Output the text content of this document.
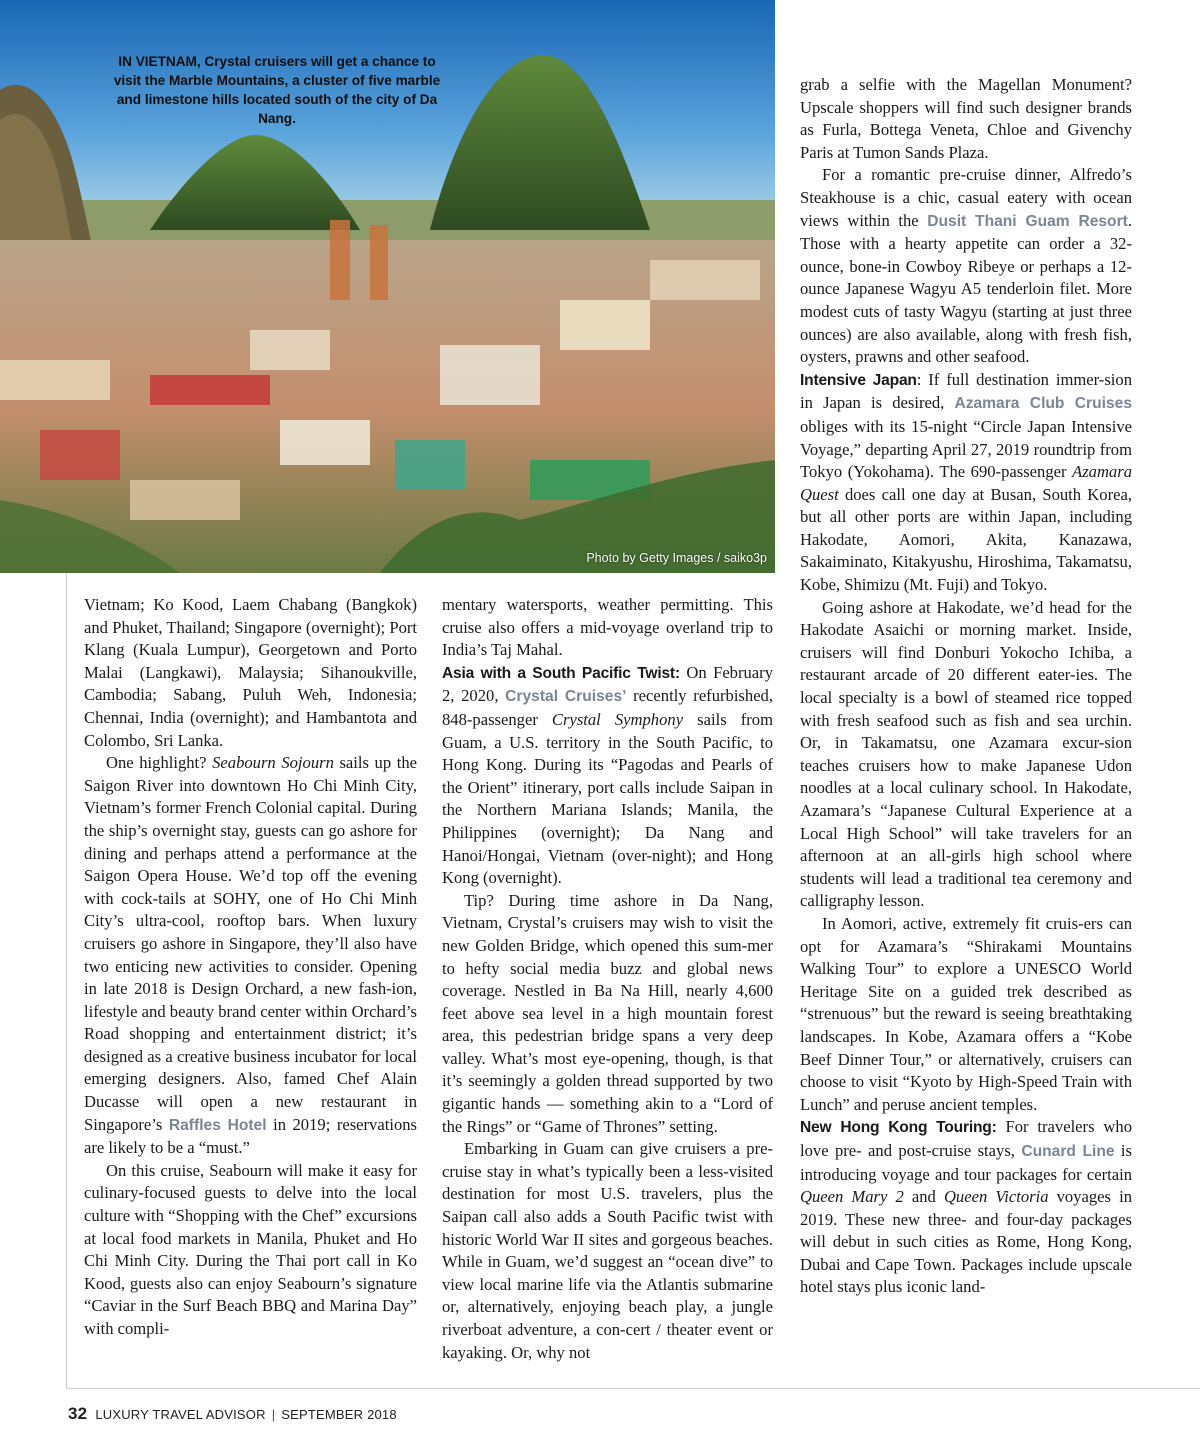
IN VIETNAM, Crystal cruisers will get a chance to visit the Marble Mountains, a cluster of five marble and limestone hills located south of the city of Da Nang.
Photo by Getty Images / saiko3p

Vietnam; Ko Kood, Laem Chabang (Bangkok) and Phuket, Thailand; Singapore (overnight); Port Klang (Kuala Lumpur), Georgetown and Porto Malai (Langkawi), Malaysia; Sihanoukville, Cambodia; Sabang, Puluh Weh, Indonesia; Chennai, India (overnight); and Hambantota and Colombo, Sri Lanka.

One highlight? Seabourn Sojourn sails up the Saigon River into downtown Ho Chi Minh City, Vietnam’s former French Colonial capital. During the ship’s overnight stay, guests can go ashore for dining and perhaps attend a performance at the Saigon Opera House. We’d top off the evening with cock-tails at SOHY, one of Ho Chi Minh City’s ultra-cool, rooftop bars. When luxury cruisers go ashore in Singapore, they’ll also have two enticing new activities to consider. Opening in late 2018 is Design Orchard, a new fash-ion, lifestyle and beauty brand center within Orchard’s Road shopping and entertainment district; it’s designed as a creative business incubator for local emerging designers. Also, famed Chef Alain Ducasse will open a new restaurant in Singapore’s Raffles Hotel in 2019; reservations are likely to be a “must.”

On this cruise, Seabourn will make it easy for culinary-focused guests to delve into the local culture with “Shopping with the Chef” excursions at local food markets in Manila, Phuket and Ho Chi Minh City. During the Thai port call in Ko Kood, guests also can enjoy Seabourn’s signature “Caviar in the Surf Beach BBQ and Marina Day” with compli-

mentary watersports, weather permitting. This cruise also offers a mid-voyage overland trip to India’s Taj Mahal.

Asia with a South Pacific Twist: On February 2, 2020, Crystal Cruises’ recently refurbished, 848-passenger Crystal Symphony sails from Guam, a U.S. territory in the South Pacific, to Hong Kong. During its “Pagodas and Pearls of the Orient” itinerary, port calls include Saipan in the Northern Mariana Islands; Manila, the Philippines (overnight); Da Nang and Hanoi/Hongai, Vietnam (over-night); and Hong Kong (overnight).

Tip? During time ashore in Da Nang, Vietnam, Crystal’s cruisers may wish to visit the new Golden Bridge, which opened this sum-mer to hefty social media buzz and global news coverage. Nestled in Ba Na Hill, nearly 4,600 feet above sea level in a high mountain forest area, this pedestrian bridge spans a very deep valley. What’s most eye-opening, though, is that it’s seemingly a golden thread supported by two gigantic hands — something akin to a “Lord of the Rings” or “Game of Thrones” setting.

Embarking in Guam can give cruisers a pre-cruise stay in what’s typically been a less-visited destination for most U.S. travelers, plus the Saipan call also adds a South Pacific twist with historic World War II sites and gorgeous beaches. While in Guam, we’d suggest an “ocean dive” to view local marine life via the Atlantis submarine or, alternatively, enjoying beach play, a jungle riverboat adventure, a con-cert / theater event or kayaking. Or, why not

grab a selfie with the Magellan Monument? Upscale shoppers will find such designer brands as Furla, Bottega Veneta, Chloe and Givenchy Paris at Tumon Sands Plaza.

For a romantic pre-cruise dinner, Alfredo’s Steakhouse is a chic, casual eatery with ocean views within the Dusit Thani Guam Resort. Those with a hearty appetite can order a 32-ounce, bone-in Cowboy Ribeye or perhaps a 12-ounce Japanese Wagyu A5 tenderloin filet. More modest cuts of tasty Wagyu (starting at just three ounces) are also available, along with fresh fish, oysters, prawns and other seafood.

Intensive Japan: If full destination immer-sion in Japan is desired, Azamara Club Cruises obliges with its 15-night “Circle Japan Intensive Voyage,” departing April 27, 2019 roundtrip from Tokyo (Yokohama). The 690-passenger Azamara Quest does call one day at Busan, South Korea, but all other ports are within Japan, including Hakodate, Aomori, Akita, Kanazawa, Sakaiminato, Kitakyushu, Hiroshima, Takamatsu, Kobe, Shimizu (Mt. Fuji) and Tokyo.

Going ashore at Hakodate, we’d head for the Hakodate Asaichi or morning market. Inside, cruisers will find Donburi Yokocho Ichiba, a restaurant arcade of 20 different eater-ies. The local specialty is a bowl of steamed rice topped with fresh seafood such as fish and sea urchin. Or, in Takamatsu, one Azamara excur-sion teaches cruisers how to make Japanese Udon noodles at a local culinary school. In Hakodate, Azamara’s “Japanese Cultural Experience at a Local High School” will take travelers for an afternoon at an all-girls high school where students will lead a traditional tea ceremony and calligraphy lesson.

In Aomori, active, extremely fit cruis-ers can opt for Azamara’s “Shirakami Mountains Walking Tour” to explore a UNESCO World Heritage Site on a guided trek described as “strenuous” but the reward is seeing breathtaking landscapes. In Kobe, Azamara offers a “Kobe Beef Dinner Tour,” or alternatively, cruisers can choose to visit “Kyoto by High-Speed Train with Lunch” and peruse ancient temples.

New Hong Kong Touring: For travelers who love pre- and post-cruise stays, Cunard Line is introducing voyage and tour packages for certain Queen Mary 2 and Queen Victoria voyages in 2019. These new three- and four-day packages will debut in such cities as Rome, Hong Kong, Dubai and Cape Town. Packages include upscale hotel stays plus iconic land-

32 LUXURY TRAVEL ADVISOR | SEPTEMBER 2018
